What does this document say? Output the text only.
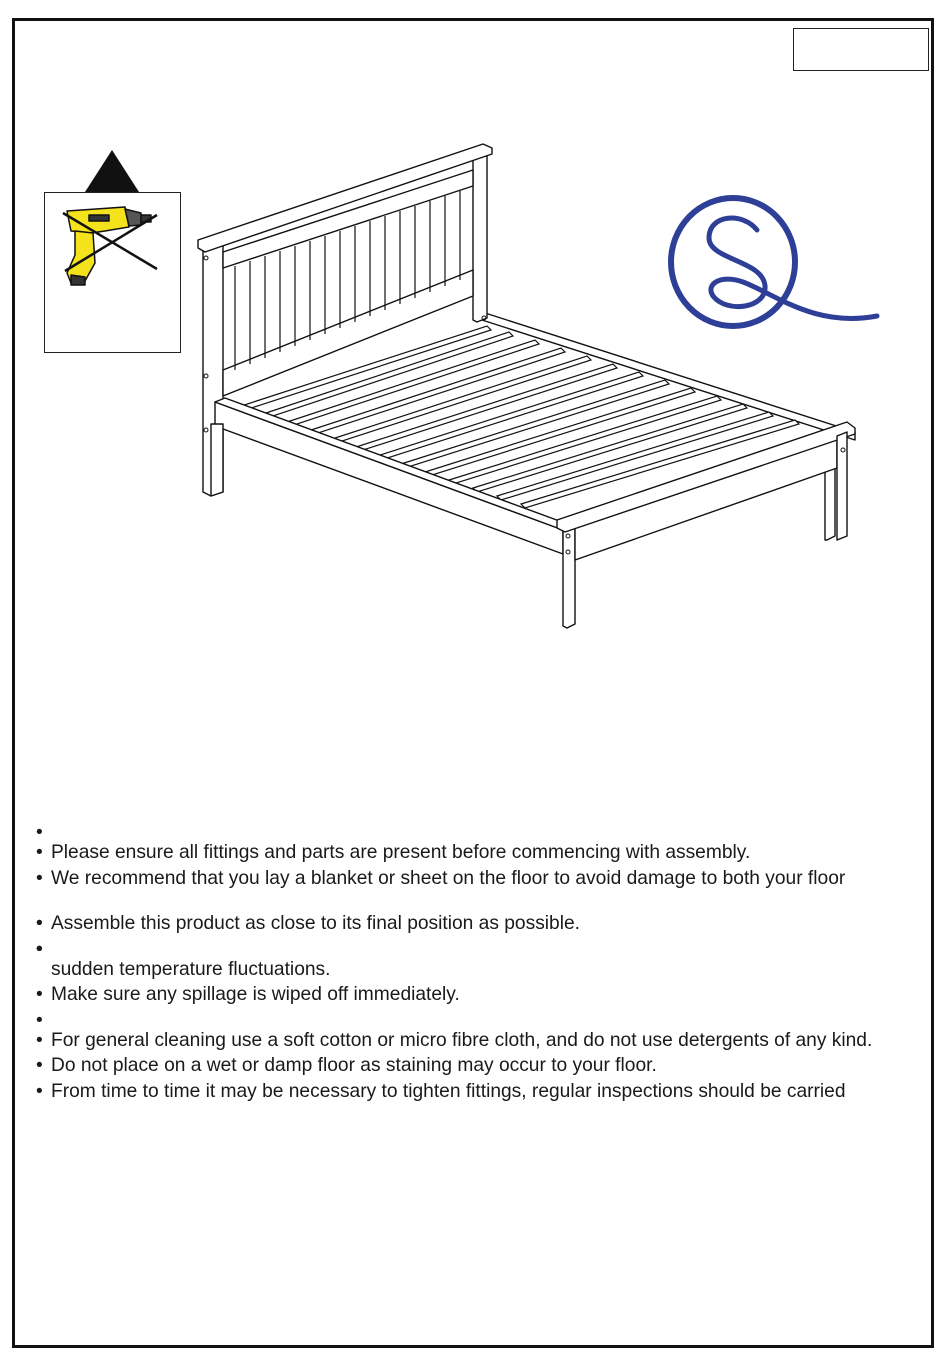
• Please ensure all fittings and parts are present before commencing with assembly.
• We recommend that you lay a blanket or sheet on the floor to avoid damage to both your floor
• Assemble this product as close to its final position as possible.
sudden temperature fluctuations.
• Make sure any spillage is wiped off immediately.
• For general cleaning use a soft cotton or micro fibre cloth, and do not use detergents of any kind.
• Do not place on a wet or damp floor as staining may occur to your floor.
• From time to time it may be necessary to tighten fittings, regular inspections should be carried
